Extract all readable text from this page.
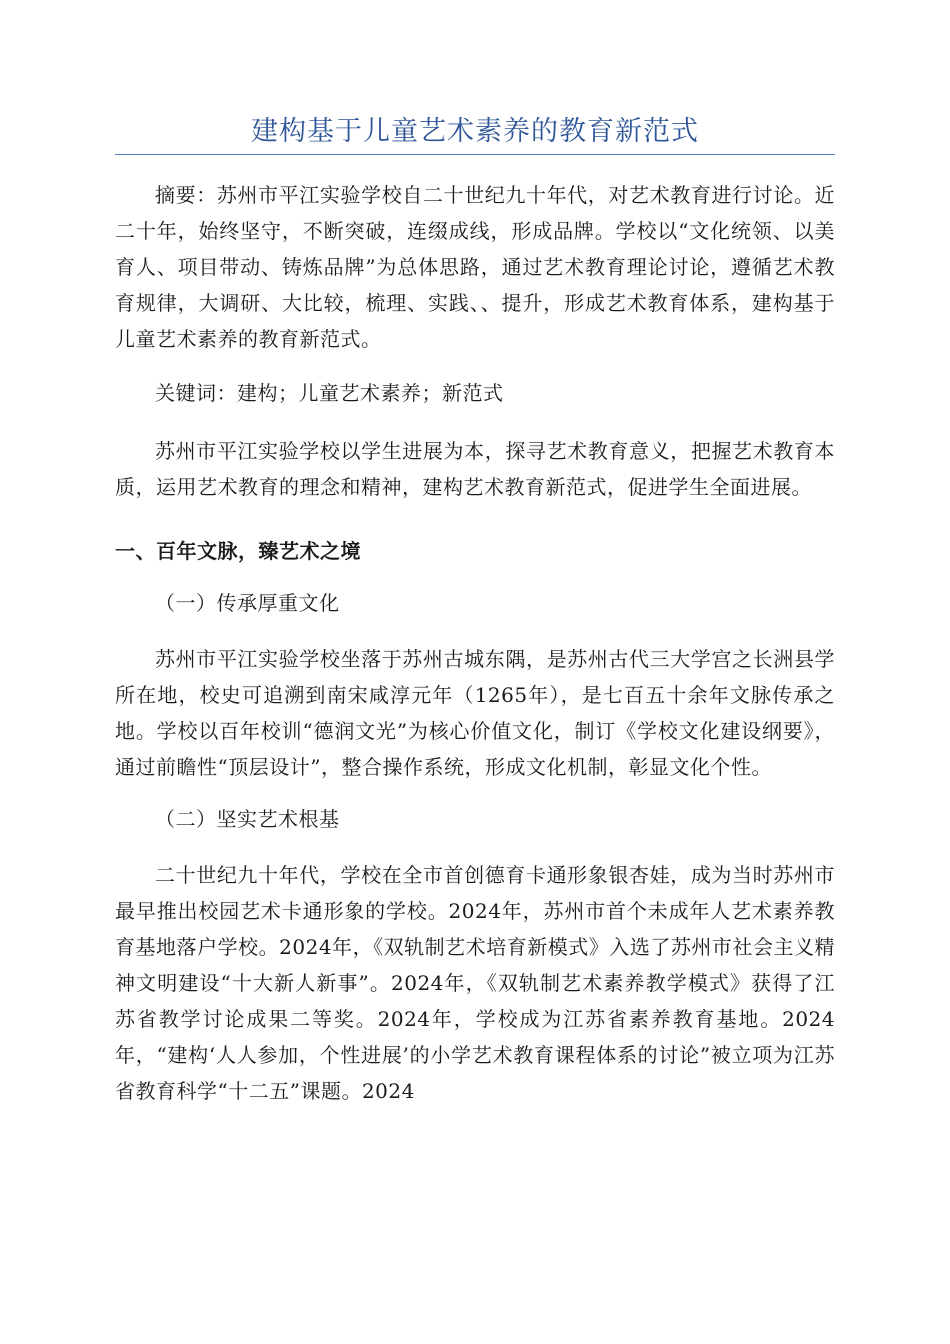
建构基于儿童艺术素养的教育新范式

摘要：苏州市平江实验学校自二十世纪九十年代，对艺术教育进行讨论。近二十年，始终坚守，不断突破，连缀成线，形成品牌。学校以“文化统领、以美育人、项目带动、铸炼品牌”为总体思路，通过艺术教育理论讨论，遵循艺术教育规律，大调研、大比较，梳理、实践、、提升，形成艺术教育体系，建构基于儿童艺术素养的教育新范式。

关键词：建构；儿童艺术素养；新范式

苏州市平江实验学校以学生进展为本，探寻艺术教育意义，把握艺术教育本质，运用艺术教育的理念和精神，建构艺术教育新范式，促进学生全面进展。

一、百年文脉，臻艺术之境
（一）传承厚重文化

苏州市平江实验学校坐落于苏州古城东隅，是苏州古代三大学宫之长洲县学所在地，校史可追溯到南宋咸淳元年（1265年），是七百五十余年文脉传承之地。学校以百年校训“德润文光”为核心价值文化，制订《学校文化建设纲要》，通过前瞻性“顶层设计”，整合操作系统，形成文化机制，彰显文化个性。

（二）坚实艺术根基

二十世纪九十年代，学校在全市首创德育卡通形象银杏娃，成为当时苏州市最早推出校园艺术卡通形象的学校。2024年，苏州市首个未成年人艺术素养教育基地落户学校。2024年，《双轨制艺术培育新模式》入选了苏州市社会主义精神文明建设“十大新人新事”。2024年，《双轨制艺术素养教学模式》获得了江苏省教学讨论成果二等奖。2024年，学校成为江苏省素养教育基地。2024年，“建构‘人人参加，个性进展’的小学艺术教育课程体系的讨论”被立项为江苏省教育科学“十二五”课题。2024
